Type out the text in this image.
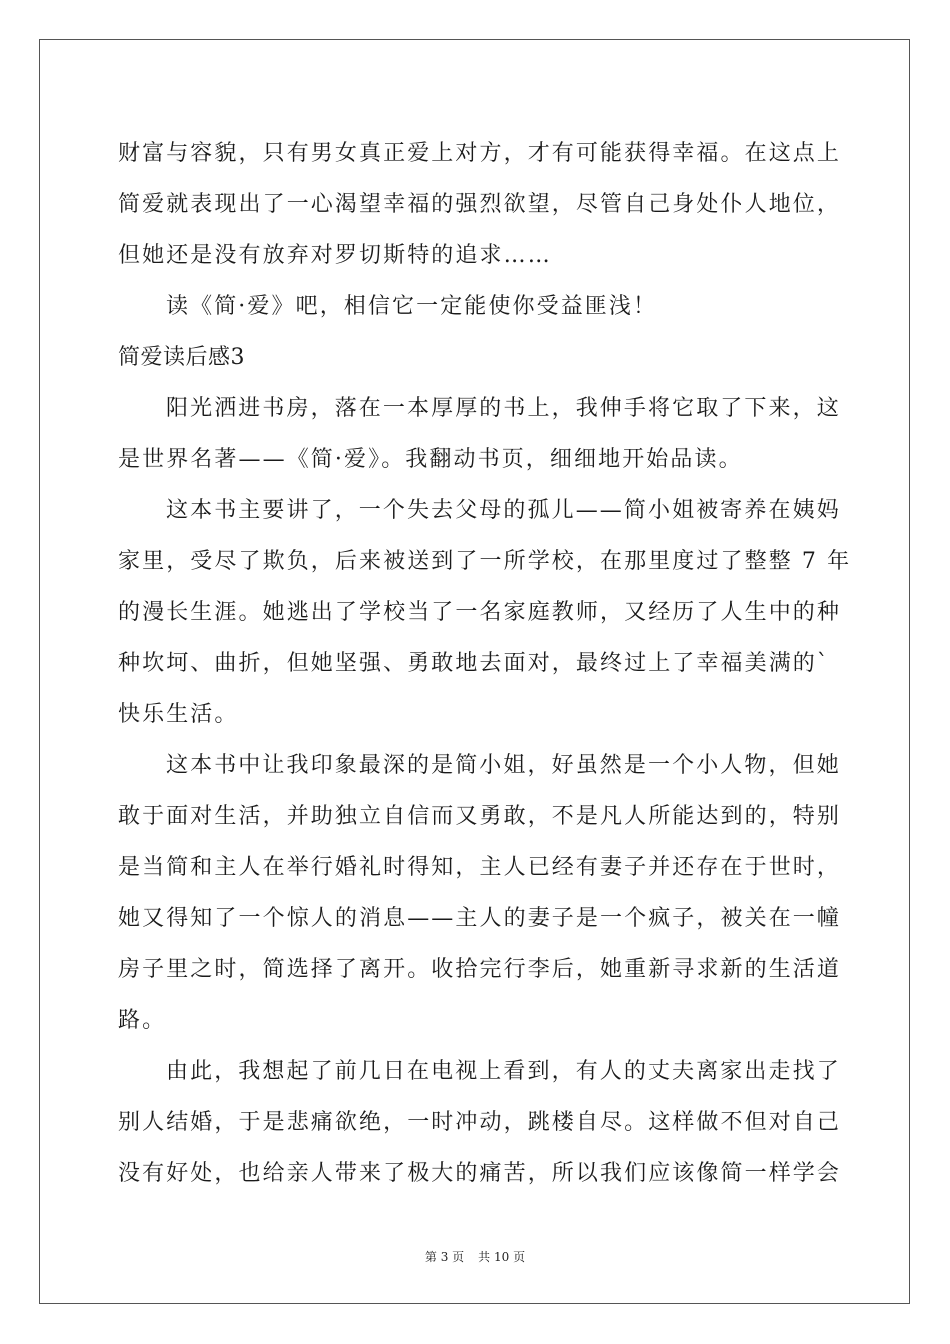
财富与容貌，只有男女真正爱上对方，才有可能获得幸福。在这点上
简爱就表现出了一心渴望幸福的强烈欲望，尽管自己身处仆人地位，
但她还是没有放弃对罗切斯特的追求……
读《简·爱》吧，相信它一定能使你受益匪浅！
简爱读后感3
阳光洒进书房，落在一本厚厚的书上，我伸手将它取了下来，这
是世界名著——《简·爱》。我翻动书页，细细地开始品读。
这本书主要讲了，一个失去父母的孤儿——简小姐被寄养在姨妈
家里，受尽了欺负，后来被送到了一所学校，在那里度过了整整 7 年
的漫长生涯。她逃出了学校当了一名家庭教师，又经历了人生中的种
种坎坷、曲折，但她坚强、勇敢地去面对，最终过上了幸福美满的`
快乐生活。
这本书中让我印象最深的是简小姐，好虽然是一个小人物，但她
敢于面对生活，并助独立自信而又勇敢，不是凡人所能达到的，特别
是当简和主人在举行婚礼时得知，主人已经有妻子并还存在于世时，
她又得知了一个惊人的消息——主人的妻子是一个疯子，被关在一幢
房子里之时，简选择了离开。收拾完行李后，她重新寻求新的生活道
路。
由此，我想起了前几日在电视上看到，有人的丈夫离家出走找了
别人结婚，于是悲痛欲绝，一时冲动，跳楼自尽。这样做不但对自己
没有好处，也给亲人带来了极大的痛苦，所以我们应该像简一样学会
第 3 页 共 10 页
